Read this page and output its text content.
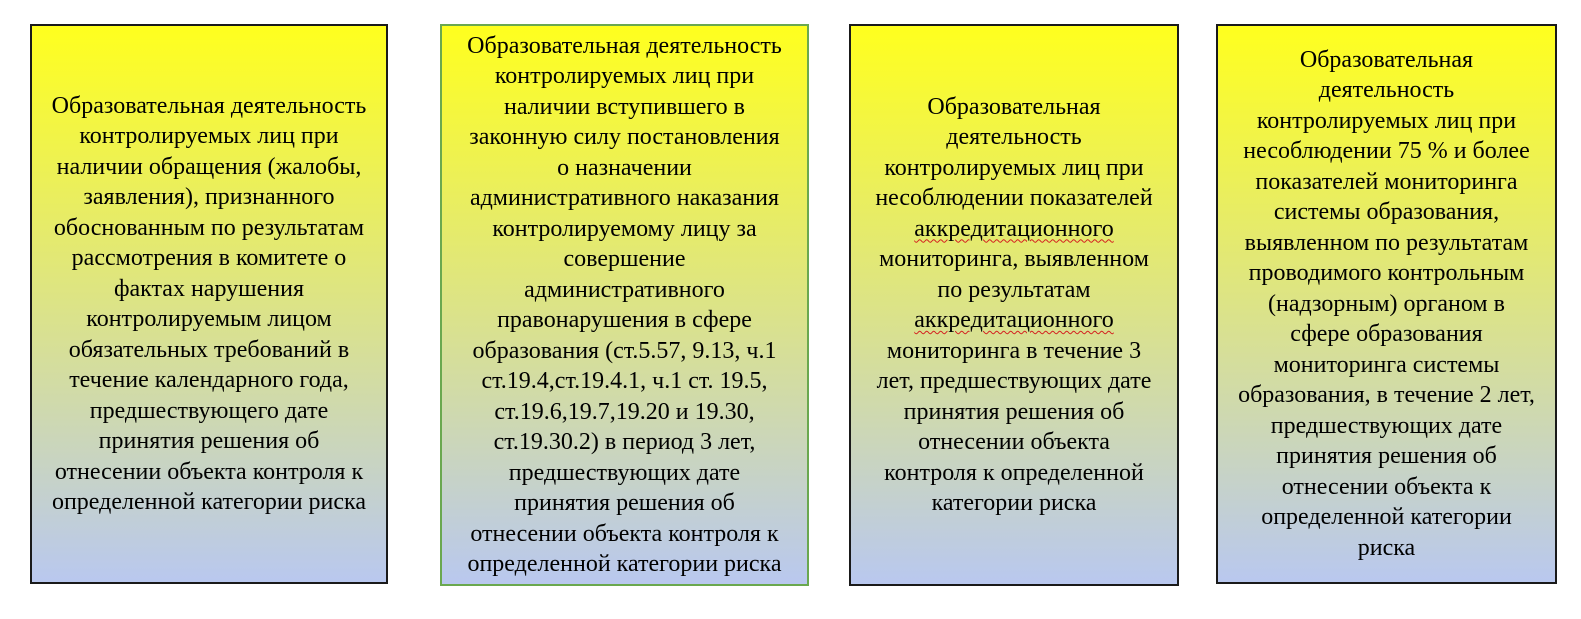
Образовательная деятельность
контролируемых лиц при
наличии обращения (жалобы,
заявления), признанного
обоснованным по результатам
рассмотрения в комитете о
фактах нарушения
контролируемым лицом
обязательных требований в
течение календарного года,
предшествующего дате
принятия решения об
отнесении объекта контроля к
определенной категории риска
Образовательная деятельность
контролируемых лиц при
наличии вступившего в
законную силу постановления
о назначении
административного наказания
контролируемому лицу за
совершение
административного
правонарушения в сфере
образования (ст.5.57, 9.13, ч.1
ст.19.4,ст.19.4.1, ч.1 ст. 19.5,
ст.19.6,19.7,19.20 и 19.30,
ст.19.30.2) в период 3 лет,
предшествующих дате
принятия решения об
отнесении объекта контроля к
определенной категории риска
Образовательная
деятельность
контролируемых лиц при
несоблюдении показателей
аккредитационного
мониторинга, выявленном
по результатам
аккредитационного
мониторинга в течение 3
лет, предшествующих дате
принятия решения об
отнесении объекта
контроля к определенной
категории риска
Образовательная
деятельность
контролируемых лиц при
несоблюдении 75 % и более
показателей мониторинга
системы образования,
выявленном по результатам
проводимого контрольным
(надзорным) органом в
сфере образования
мониторинга системы
образования, в течение 2 лет,
предшествующих дате
принятия решения об
отнесении объекта к
определенной категории
риска
